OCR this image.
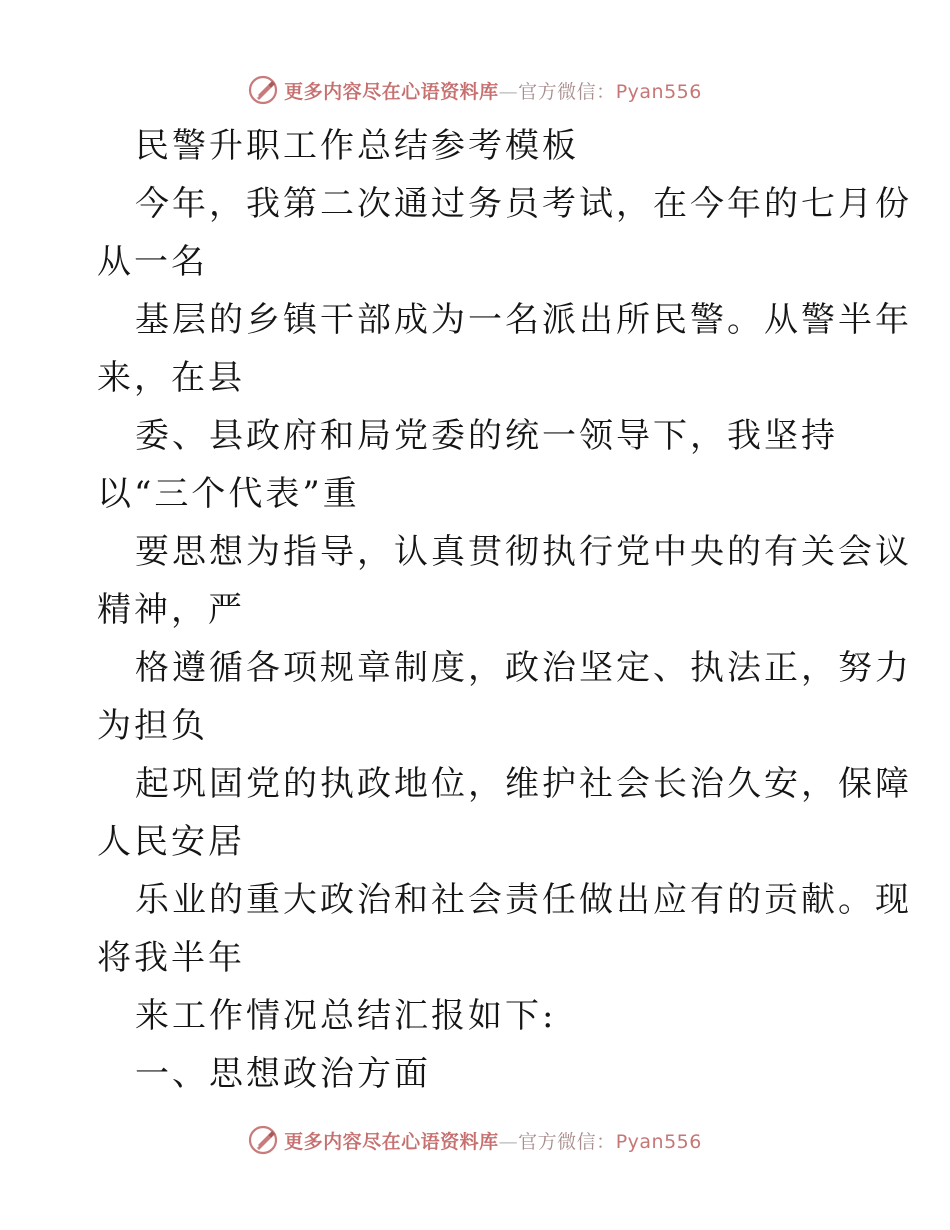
更多内容尽在心语资料库—官方微信：Pyan556
民警升职工作总结参考模板
今年，我第二次通过务员考试，在今年的七月份
从一名
基层的乡镇干部成为一名派出所民警。从警半年
来，在县
委、县政府和局党委的统一领导下，我坚持
以“三个代表”重
要思想为指导，认真贯彻执行党中央的有关会议
精神，严
格遵循各项规章制度，政治坚定、执法正，努力
为担负
起巩固党的执政地位，维护社会长治久安，保障
人民安居
乐业的重大政治和社会责任做出应有的贡献。现
将我半年
来工作情况总结汇报如下:
一、思想政治方面
更多内容尽在心语资料库—官方微信：Pyan556
